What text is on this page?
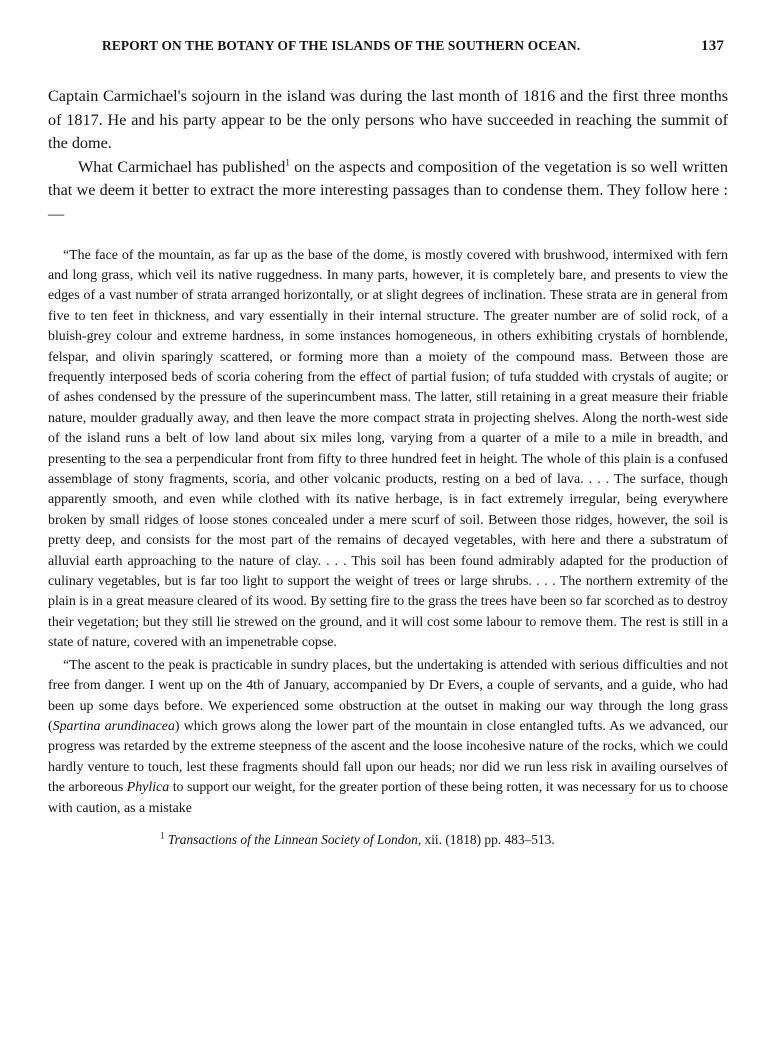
REPORT ON THE BOTANY OF THE ISLANDS OF THE SOUTHERN OCEAN.	137

Captain Carmichael's sojourn in the island was during the last month of 1816 and the first three months of 1817. He and his party appear to be the only persons who have succeeded in reaching the summit of the dome.

What Carmichael has published$^1$ on the aspects and composition of the vegetation is so well written that we deem it better to extract the more interesting passages than to condense them. They follow here :—

“The face of the mountain, as far up as the base of the dome, is mostly covered with brushwood, intermixed with fern and long grass, which veil its native ruggedness. In many parts, however, it is completely bare, and presents to view the edges of a vast number of strata arranged horizontally, or at slight degrees of inclination. These strata are in general from five to ten feet in thickness, and vary essentially in their internal structure. The greater number are of solid rock, of a bluish-grey colour and extreme hardness, in some instances homogeneous, in others exhibiting crystals of hornblende, felspar, and olivin sparingly scattered, or forming more than a moiety of the compound mass. Between those are frequently interposed beds of scoria cohering from the effect of partial fusion; of tufa studded with crystals of augite; or of ashes condensed by the pressure of the superincumbent mass. The latter, still retaining in a great measure their friable nature, moulder gradually away, and then leave the more compact strata in projecting shelves. Along the north-west side of the island runs a belt of low land about six miles long, varying from a quarter of a mile to a mile in breadth, and presenting to the sea a perpendicular front from fifty to three hundred feet in height. The whole of this plain is a confused assemblage of stony fragments, scoria, and other volcanic products, resting on a bed of lava. . . . The surface, though apparently smooth, and even while clothed with its native herbage, is in fact extremely irregular, being everywhere broken by small ridges of loose stones concealed under a mere scurf of soil. Between those ridges, however, the soil is pretty deep, and consists for the most part of the remains of decayed vegetables, with here and there a substratum of alluvial earth approaching to the nature of clay. . . . This soil has been found admirably adapted for the production of culinary vegetables, but is far too light to support the weight of trees or large shrubs. . . . The northern extremity of the plain is in a great measure cleared of its wood. By setting fire to the grass the trees have been so far scorched as to destroy their vegetation; but they still lie strewed on the ground, and it will cost some labour to remove them. The rest is still in a state of nature, covered with an impenetrable copse.

“The ascent to the peak is practicable in sundry places, but the undertaking is attended with serious difficulties and not free from danger. I went up on the 4th of January, accompanied by Dr Evers, a couple of servants, and a guide, who had been up some days before. We experienced some obstruction at the outset in making our way through the long grass (Spartina arundinacea) which grows along the lower part of the mountain in close entangled tufts. As we advanced, our progress was retarded by the extreme steepness of the ascent and the loose incohesive nature of the rocks, which we could hardly venture to touch, lest these fragments should fall upon our heads; nor did we run less risk in availing ourselves of the arboreous Phylica to support our weight, for the greater portion of these being rotten, it was necessary for us to choose with caution, as a mistake

$^1$ Transactions of the Linnean Society of London, xii. (1818) pp. 483–513.
